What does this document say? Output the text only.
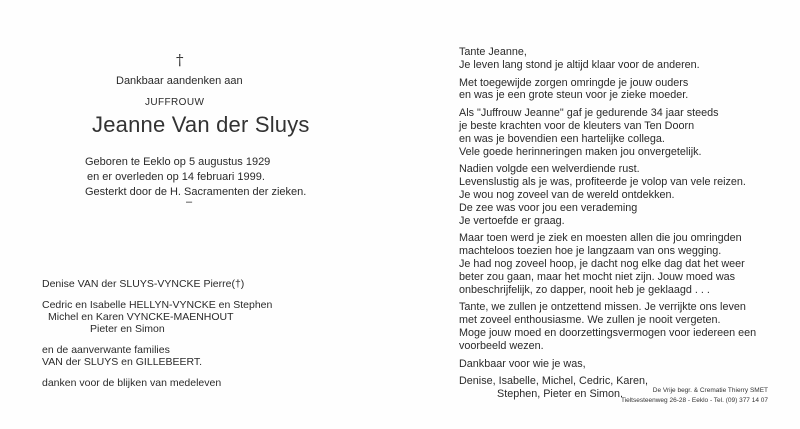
†
Dankbaar aandenken aan
JUFFROUW
Jeanne Van der Sluys
Geboren te Eeklo op 5 augustus 1929
en er overleden op 14 februari 1999.
Gesterkt door de H. Sacramenten der zieken.
–
Denise VAN der SLUYS-VYNCKE Pierre(†)
Cedric en Isabelle HELLYN-VYNCKE en Stephen
Michel en Karen VYNCKE-MAENHOUT
Pieter en Simon
en de aanverwante families
VAN der SLUYS en GILLEBEERT.
danken voor de blijken van medeleven

Tante Jeanne,

Je leven lang stond je altijd klaar voor de anderen.

Met toegewijde zorgen omringde je jouw ouders

en was je een grote steun voor je zieke moeder.

Als "Juffrouw Jeanne" gaf je gedurende 34 jaar steeds

je beste krachten voor de kleuters van Ten Doorn

en was je bovendien een hartelijke collega.

Vele goede herinneringen maken jou onvergetelijk.

Nadien volgde een welverdiende rust.

Levenslustig als je was, profiteerde je volop van vele reizen.

Je wou nog zoveel van de wereld ontdekken.

De zee was voor jou een verademing

Je vertoefde er graag.

Maar toen werd je ziek en moesten allen die jou omringden

machteloos toezien hoe je langzaam van ons wegging.

Je had nog zoveel hoop, je dacht nog elke dag dat het weer

beter zou gaan, maar het mocht niet zijn. Jouw moed was

onbeschrijfelijk, zo dapper, nooit heb je geklaagd . . .

Tante, we zullen je ontzettend missen. Je verrijkte ons leven

met zoveel enthousiasme. We zullen je nooit vergeten.

Moge jouw moed en doorzettingsvermogen voor iedereen een

voorbeeld wezen.

Dankbaar voor wie je was,

Denise, Isabelle, Michel, Cedric, Karen,

Stephen, Pieter en Simon.	De Vrije begr. & Crematie Thierry SMET
Tieltsesteenweg 26-28 - Eeklo - Tel. (09) 377 14 07
